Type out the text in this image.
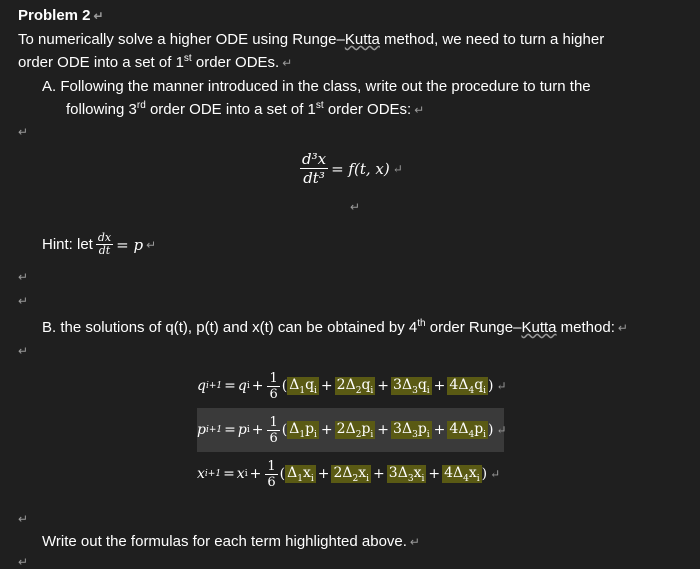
Problem 2 ↵
To numerically solve a higher ODE using Runge–Kutta method, we need to turn a higher
order ODE into a set of 1st order ODEs. ↵
A. Following the manner introduced in the class, write out the procedure to turn the
following 3rd order ODE into a set of 1st order ODEs: ↵
↵
↵
↵
↵
↵
↵
$\frac{\text{d³x}}{\text{dt³}} = f(t$, x) ↵
↵
Hint: let $\frac{dx}{dt} = p$ ↵
B. the solutions of q(t), p(t) and x(t) can be obtained by 4th order Runge–Kutta method: ↵
q i+1 = q $i + \frac{1}{6}$ ( $\Delta_1q_i + 2\Delta_2q_i + 3\Delta_3q_i + 4\Delta_4q_i$ ) ↵
p i+1 = p $i + \frac{1}{6}$ ( $\Delta_1p_i + 2\Delta_2p_i + 3\Delta_3p_i + 4\Delta_4p_i$ ) ↵
x i+1 = x $i + \frac{1}{6}$ ( $\Delta_1x_i + 2\Delta_2x_i + 3\Delta_3x_i + 4\Delta_4x_i$ ) ↵
Write out the formulas for each term highlighted above. ↵
